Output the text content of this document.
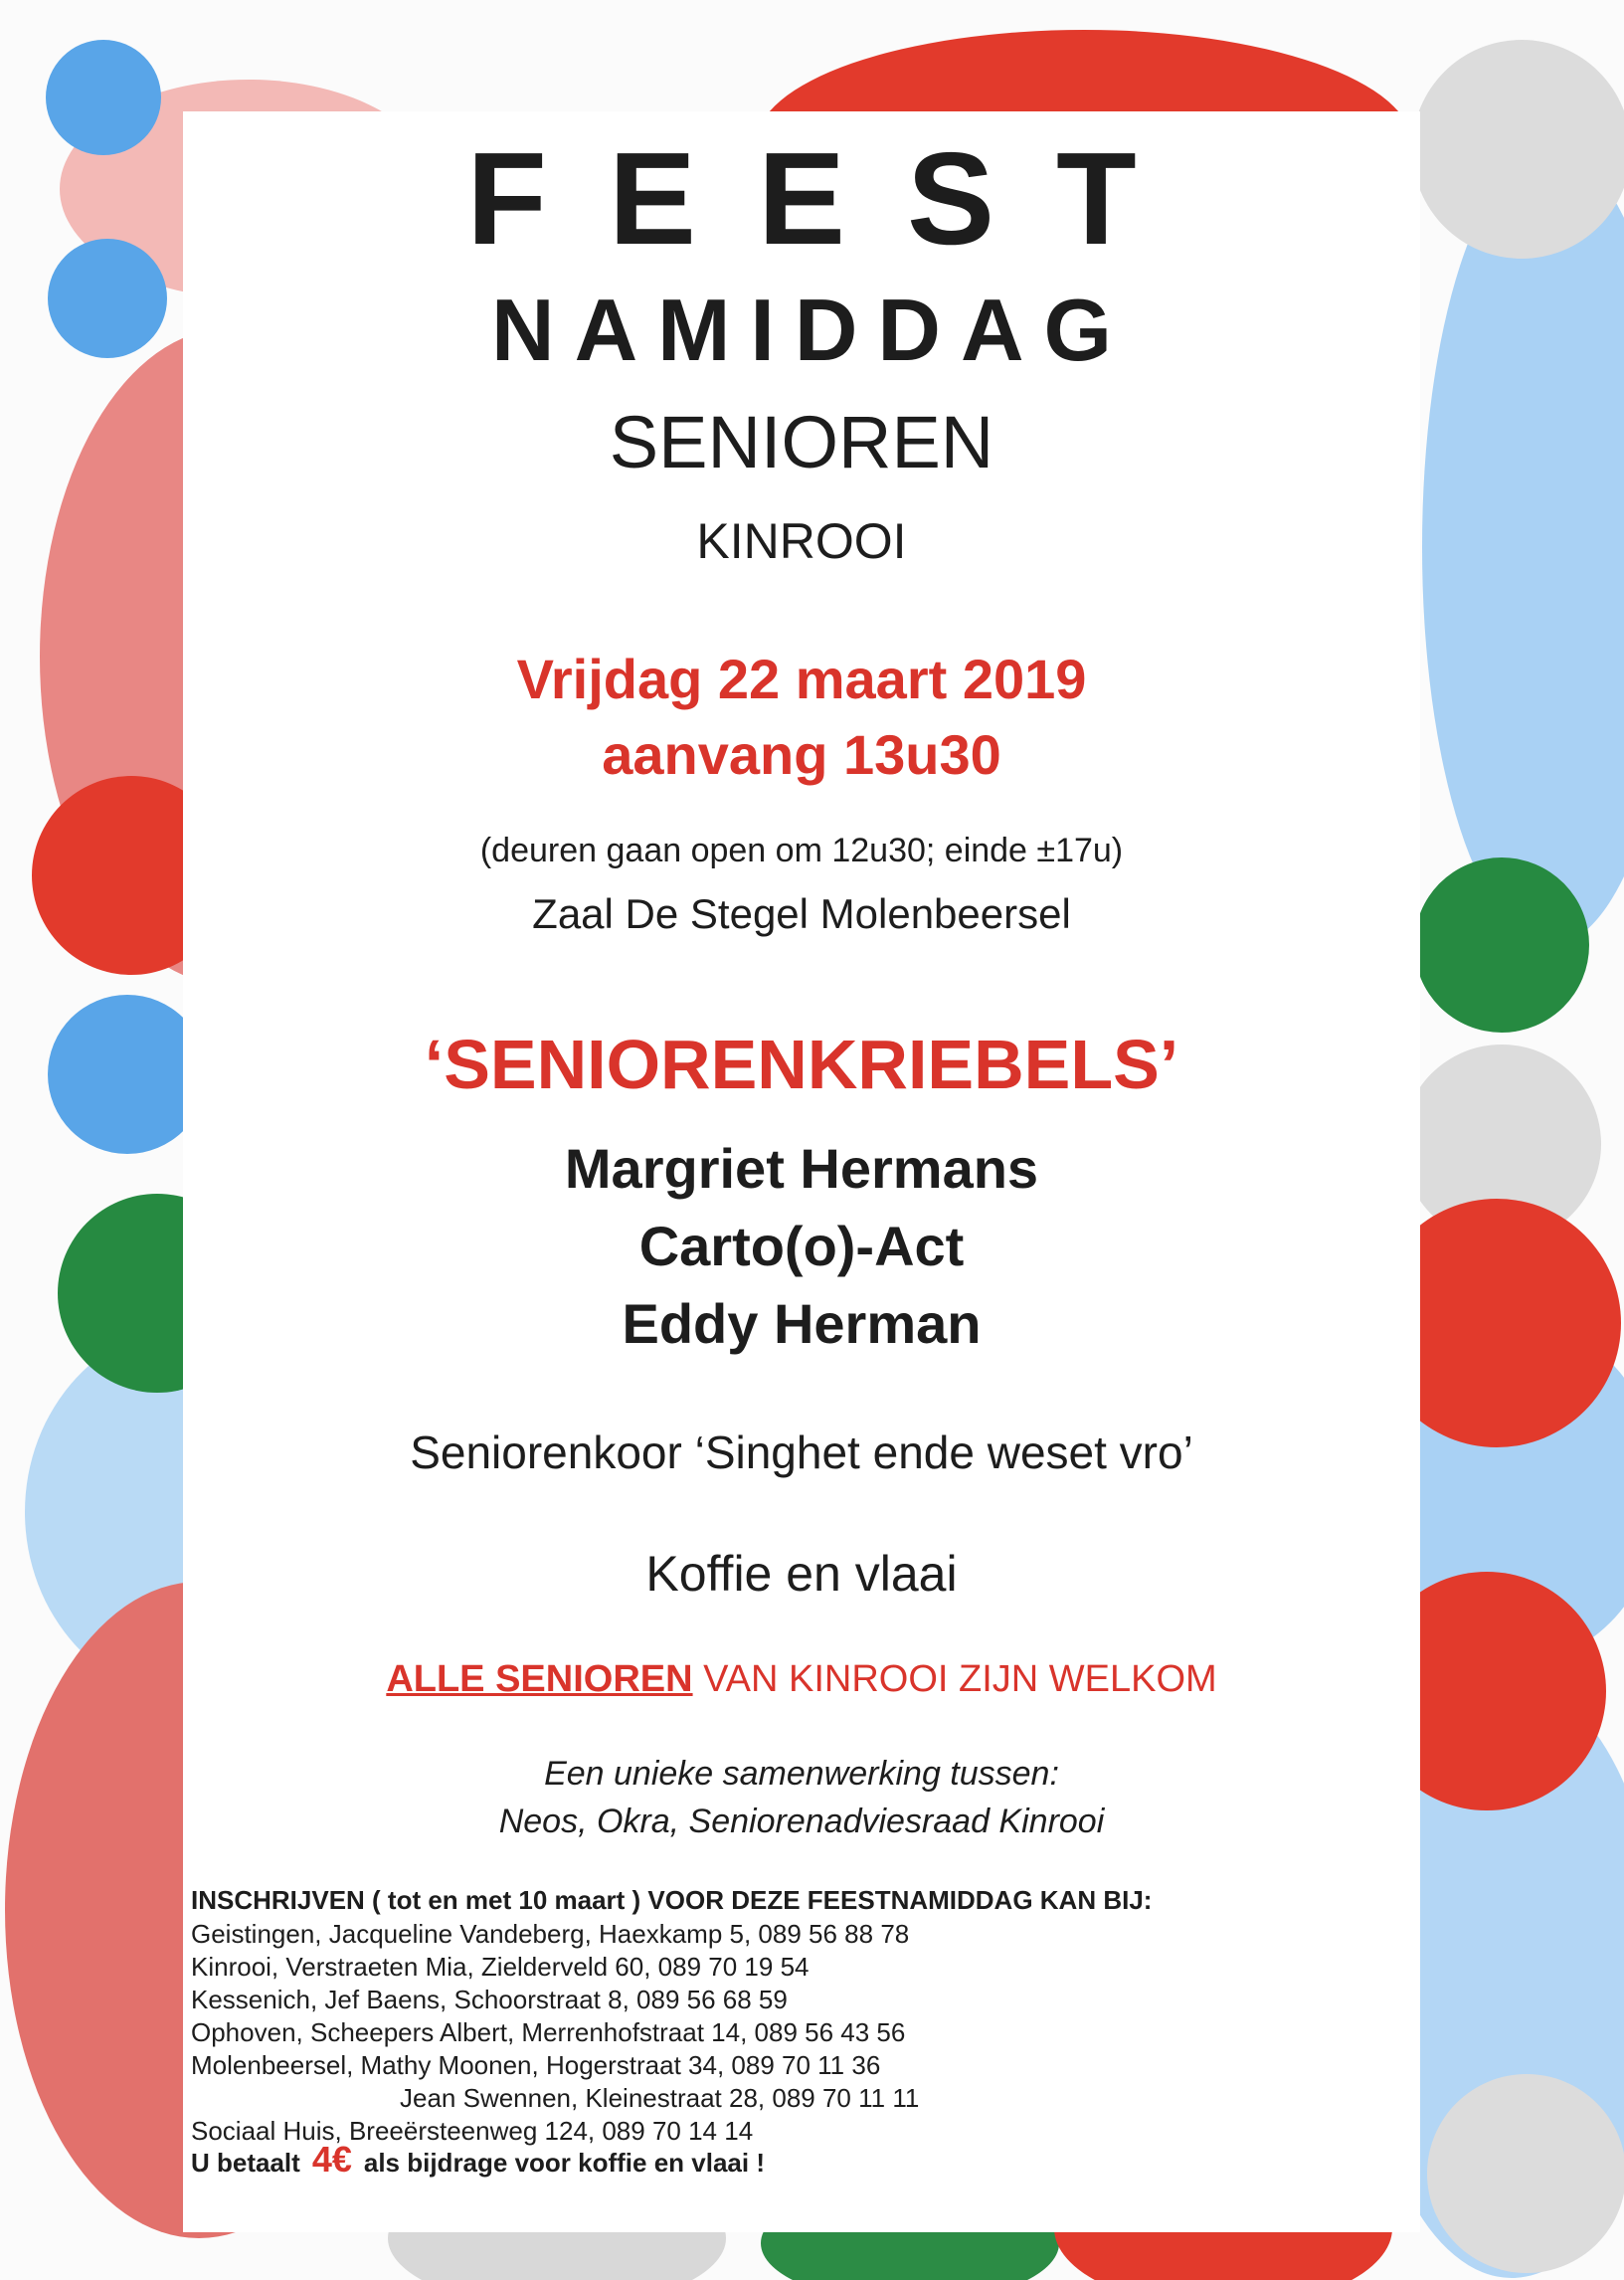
FEEST
NAMIDDAG
SENIOREN
KINROOI
Vrijdag 22 maart 2019
aanvang 13u30
(deuren gaan open om 12u30; einde ±17u)
Zaal De Stegel Molenbeersel
‘SENIORENKRIEBELS’
Margriet Hermans
Carto(o)-Act
Eddy Herman
Seniorenkoor ‘Singhet ende weset vro’
Koffie en vlaai
ALLE SENIOREN VAN KINROOI ZIJN WELKOM
Een unieke samenwerking tussen:
Neos, Okra, Seniorenadviesraad Kinrooi
INSCHRIJVEN ( tot en met 10 maart ) VOOR DEZE FEESTNAMIDDAG KAN BIJ:
Geistingen, Jacqueline Vandeberg, Haexkamp 5, 089 56 88 78
Kinrooi, Verstraeten Mia, Zielderveld 60, 089 70 19 54
Kessenich, Jef Baens, Schoorstraat 8, 089 56 68 59
Ophoven, Scheepers Albert, Merrenhofstraat 14, 089 56 43 56
Molenbeersel, Mathy Moonen, Hogerstraat 34, 089 70 11 36
Jean Swennen, Kleinestraat 28, 089 70 11 11
Sociaal Huis, Breeërsteenweg 124, 089 70 14 14
U betaalt 4€ als bijdrage voor koffie en vlaai !
